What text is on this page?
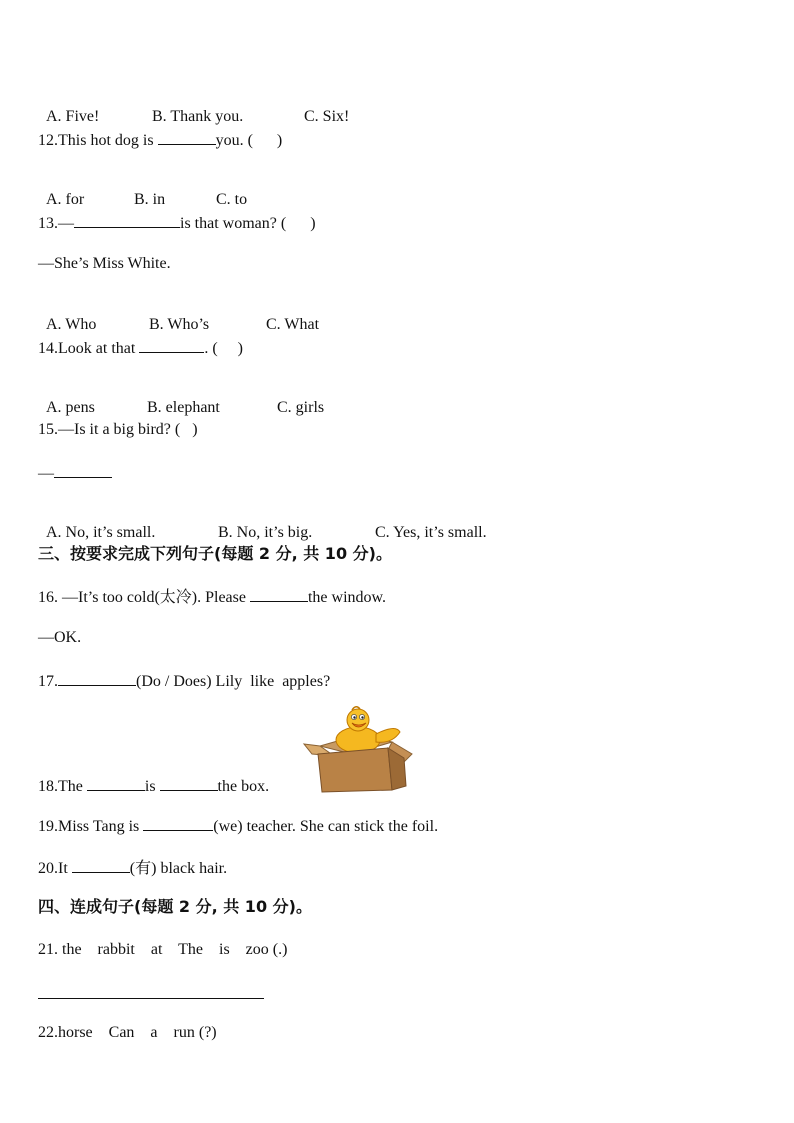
A. Five!	B. Thank you.	C. Six!

12.This hot dog is	you. (      )

A. for	B. in	C. to

13.—	is that woman? (      )
—She’s Miss White.

A. Who	B. Who’s	C. What

14.Look at that	. (     )

A. pens	B. elephant	C. girls

15.—Is it a big bird? (   )
—

A. No, it’s small.	B. No, it’s big.	C. Yes, it’s small.

三、按要求完成下列句子(每题 2 分, 共 10 分)。
16. —It’s too cold(太冷). Please	the window.
—OK.
17.	(Do / Does) Lily  like  apples?
18.The	is	the box.
19.Miss Tang is	(we) teacher. She can stick the foil.
20.It	(有) black hair.
四、连成句子(每题 2 分, 共 10 分)。
21. the    rabbit    at    The    is    zoo (.)
22.horse    Can    a    run (?)
